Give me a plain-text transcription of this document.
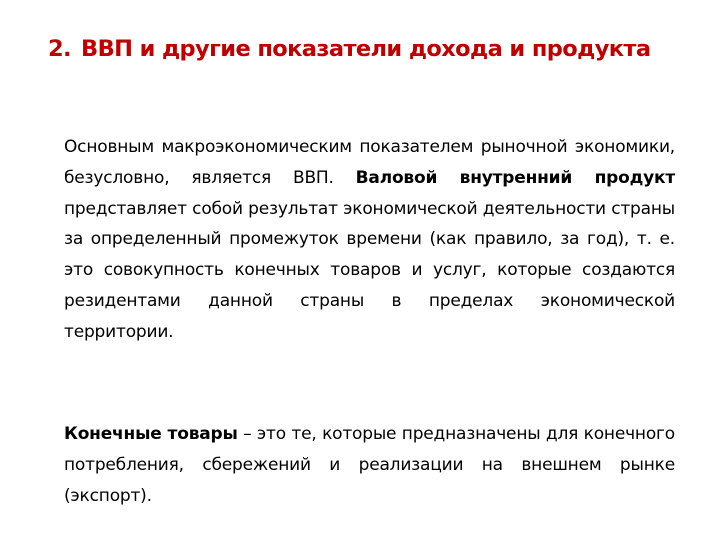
2. ВВП и другие показатели дохода и продукта
Основным макроэкономическим показателем рыночной экономики, безусловно, является ВВП. Валовой внутренний продукт представляет собой результат экономической деятельности страны за определенный промежуток времени (как правило, за год), т. е. это совокупность конечных товаров и услуг, которые создаются резидентами данной страны в пределах экономической территории.
Конечные товары – это те, которые предназначены для конечного потребления, сбережений и реализации на внешнем рынке (экспорт).
